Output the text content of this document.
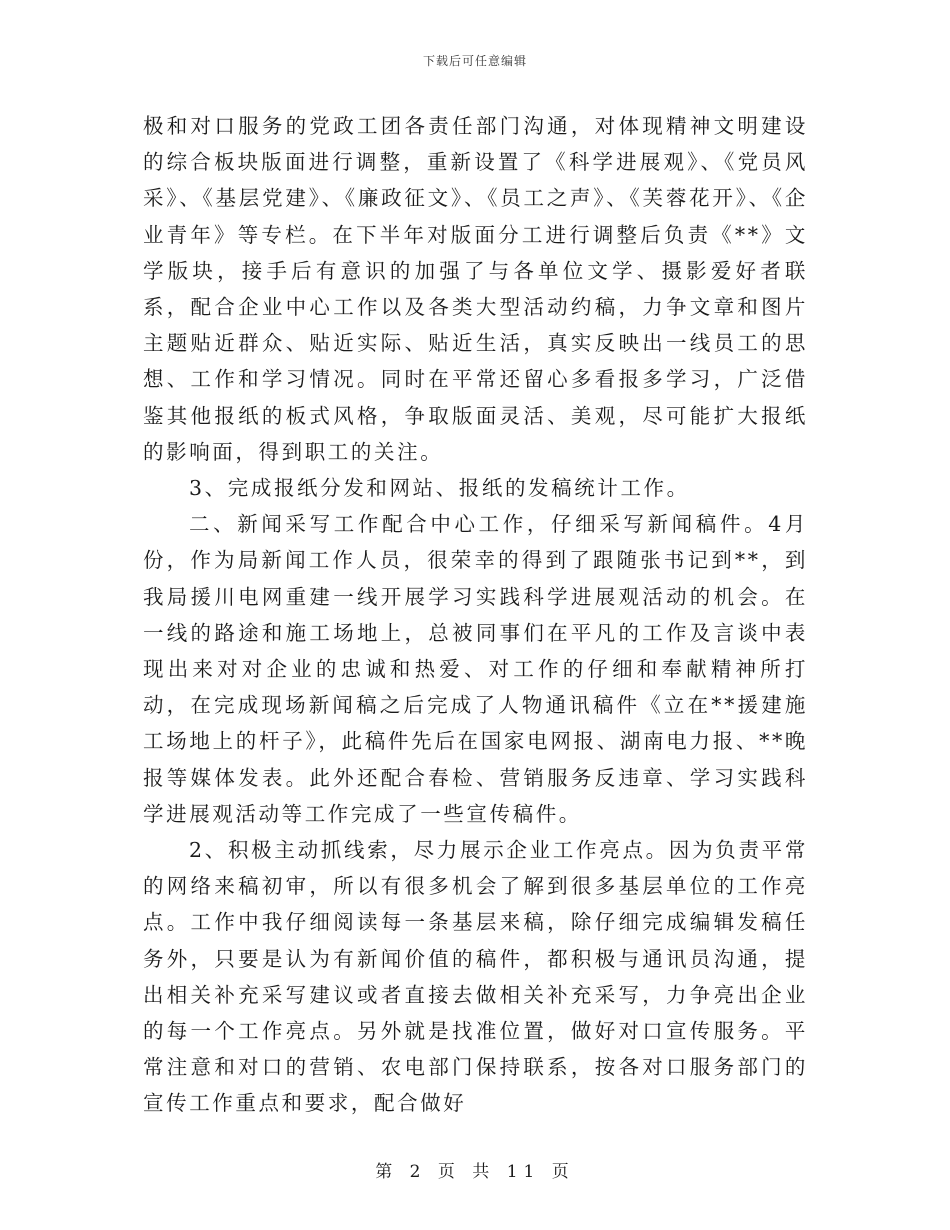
下载后可任意编辑

极和对口服务的党政工团各责任部门沟通，对体现精神文明建设的综合板块版面进行调整，重新设置了《科学进展观》、《党员风采》、《基层党建》、《廉政征文》、《员工之声》、《芙蓉花开》、《企业青年》等专栏。在下半年对版面分工进行调整后负责《**》文学版块，接手后有意识的加强了与各单位文学、摄影爱好者联系，配合企业中心工作以及各类大型活动约稿，力争文章和图片主题贴近群众、贴近实际、贴近生活，真实反映出一线员工的思想、工作和学习情况。同时在平常还留心多看报多学习，广泛借鉴其他报纸的板式风格，争取版面灵活、美观，尽可能扩大报纸的影响面，得到职工的关注。

3、完成报纸分发和网站、报纸的发稿统计工作。

二、新闻采写工作配合中心工作，仔细采写新闻稿件。4月份，作为局新闻工作人员，很荣幸的得到了跟随张书记到**，到我局援川电网重建一线开展学习实践科学进展观活动的机会。在一线的路途和施工场地上，总被同事们在平凡的工作及言谈中表现出来对对企业的忠诚和热爱、对工作的仔细和奉献精神所打动，在完成现场新闻稿之后完成了人物通讯稿件《立在**援建施工场地上的杆子》，此稿件先后在国家电网报、湖南电力报、**晚报等媒体发表。此外还配合春检、营销服务反违章、学习实践科学进展观活动等工作完成了一些宣传稿件。

2、积极主动抓线索，尽力展示企业工作亮点。因为负责平常的网络来稿初审，所以有很多机会了解到很多基层单位的工作亮点。工作中我仔细阅读每一条基层来稿，除仔细完成编辑发稿任务外，只要是认为有新闻价值的稿件，都积极与通讯员沟通，提出相关补充采写建议或者直接去做相关补充采写，力争亮出企业的每一个工作亮点。另外就是找准位置，做好对口宣传服务。平常注意和对口的营销、农电部门保持联系，按各对口服务部门的宣传工作重点和要求，配合做好

第 2 页 共 11 页
